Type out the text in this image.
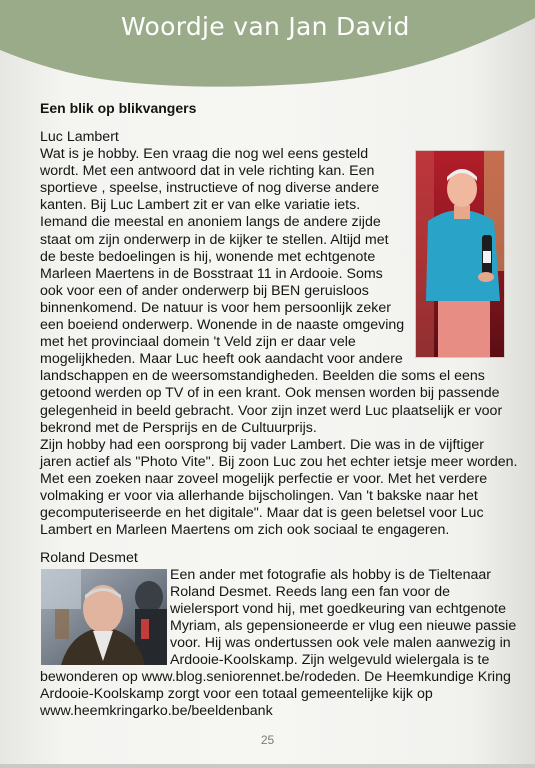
Woordje van Jan David
Een blik op blikvangers
Luc Lambert
Wat is je hobby. Een vraag die nog wel eens gesteld
wordt. Met een antwoord dat in vele richting kan. Een
sportieve , speelse, instructieve of nog diverse andere
kanten. Bij Luc Lambert zit er van elke variatie iets.
Iemand die meestal en anoniem langs de andere zijde
staat om zijn onderwerp in de kijker te stellen. Altijd met
de beste bedoelingen is hij, wonende met echtgenote
Marleen Maertens in de Bosstraat 11 in Ardooie. Soms
ook voor een of ander onderwerp bij BEN geruisloos
binnenkomend. De natuur is voor hem persoonlijk zeker
een boeiend onderwerp. Wonende in de naaste omgeving
met het provinciaal domein 't Veld zijn er daar vele
mogelijkheden. Maar Luc heeft ook aandacht voor andere
landschappen en de weersomstandigheden. Beelden die soms el eens
getoond werden op TV of in een krant. Ook mensen worden bij passende
gelegenheid in beeld gebracht. Voor zijn inzet werd Luc plaatselijk er voor
bekrond met de Persprijs en de Cultuurprijs.
Zijn hobby had een oorsprong bij vader Lambert. Die was in de vijftiger
jaren actief als "Photo Vite". Bij zoon Luc zou het echter ietsje meer worden.
Met een zoeken naar zoveel mogelijk perfectie er voor. Met het verdere
volmaking er voor via allerhande bijscholingen. Van 't bakske naar het
gecomputeriseerde en het digitale". Maar dat is geen beletsel voor Luc
Lambert en Marleen Maertens om zich ook sociaal te engageren.
Roland Desmet
Een ander met fotografie als hobby is de Tieltenaar
Roland Desmet. Reeds lang een fan voor de
wielersport vond hij, met goedkeuring van echtgenote
Myriam, als gepensioneerde er vlug een nieuwe passie
voor. Hij was ondertussen ook vele malen aanwezig in
Ardooie-Koolskamp. Zijn welgevuld wielergala is te
bewonderen op www.blog.seniorennet.be/rodeden. De Heemkundige Kring
Ardooie-Koolskamp zorgt voor een totaal gemeentelijke kijk op
www.heemkringarko.be/beeldenbank
25
